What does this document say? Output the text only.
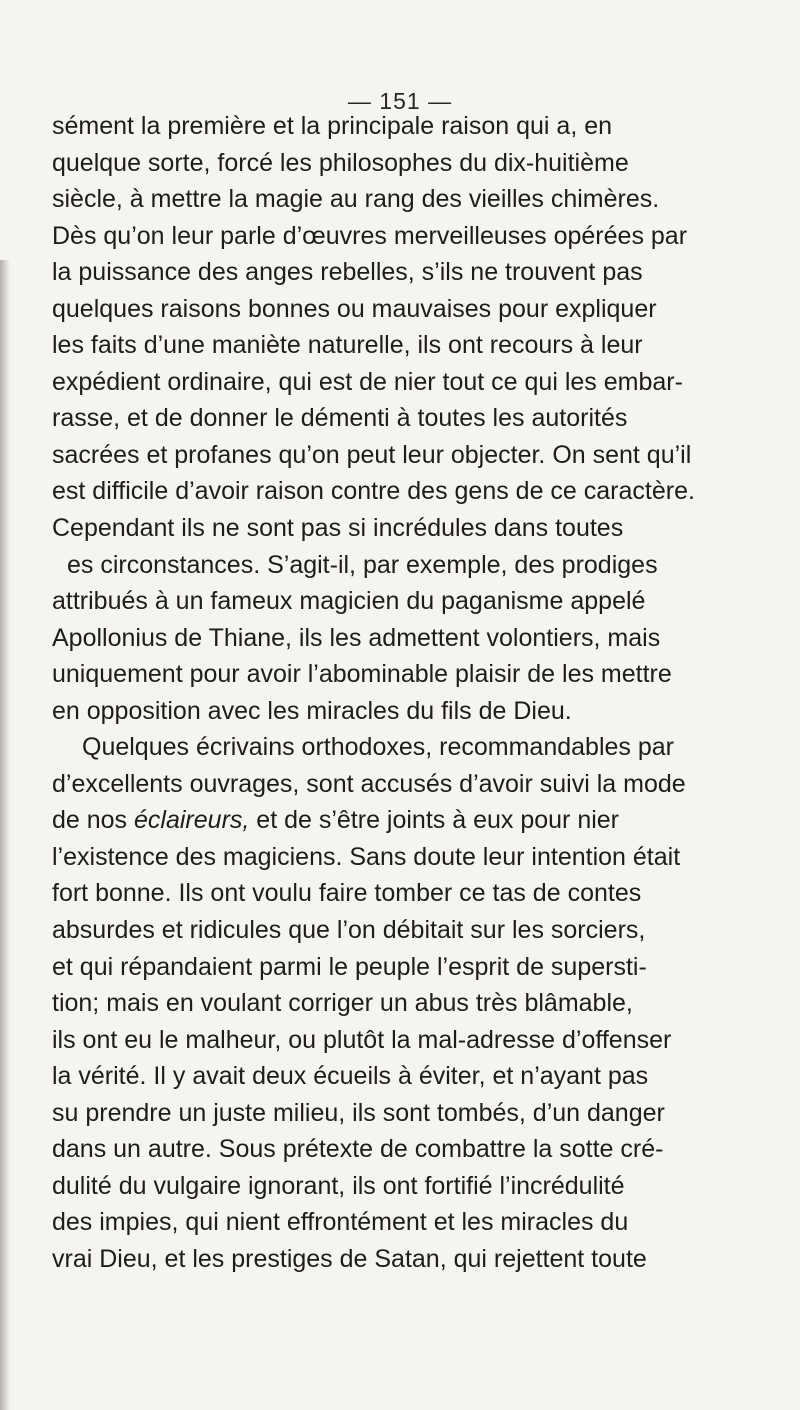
— 151 —
sément la première et la principale raison qui a, en
quelque sorte, forcé les philosophes du dix-huitième
siècle, à mettre la magie au rang des vieilles chimères.
Dès qu’on leur parle d’œuvres merveilleuses opérées par
la puissance des anges rebelles, s’ils ne trouvent pas
quelques raisons bonnes ou mauvaises pour expliquer
les faits d’une maniète naturelle, ils ont recours à leur
expédient ordinaire, qui est de nier tout ce qui les embar-
rasse, et de donner le démenti à toutes les autorités
sacrées et profanes qu’on peut leur objecter. On sent qu’il
est difficile d’avoir raison contre des gens de ce caractère.
Cependant ils ne sont pas si incrédules dans toutes
es circonstances. S’agit-il, par exemple, des prodiges
attribués à un fameux magicien du paganisme appelé
Apollonius de Thiane, ils les admettent volontiers, mais
uniquement pour avoir l’abominable plaisir de les mettre
en opposition avec les miracles du fils de Dieu.
Quelques écrivains orthodoxes, recommandables par
d’excellents ouvrages, sont accusés d’avoir suivi la mode
de nos éclaireurs, et de s’être joints à eux pour nier
l’existence des magiciens. Sans doute leur intention était
fort bonne. Ils ont voulu faire tomber ce tas de contes
absurdes et ridicules que l’on débitait sur les sorciers,
et qui répandaient parmi le peuple l’esprit de supersti-
tion; mais en voulant corriger un abus très blâmable,
ils ont eu le malheur, ou plutôt la mal-adresse d’offenser
la vérité. Il y avait deux écueils à éviter, et n’ayant pas
su prendre un juste milieu, ils sont tombés, d’un danger
dans un autre. Sous prétexte de combattre la sotte cré-
dulité du vulgaire ignorant, ils ont fortifié l’incrédulité
des impies, qui nient effrontément et les miracles du
vrai Dieu, et les prestiges de Satan, qui rejettent toute
